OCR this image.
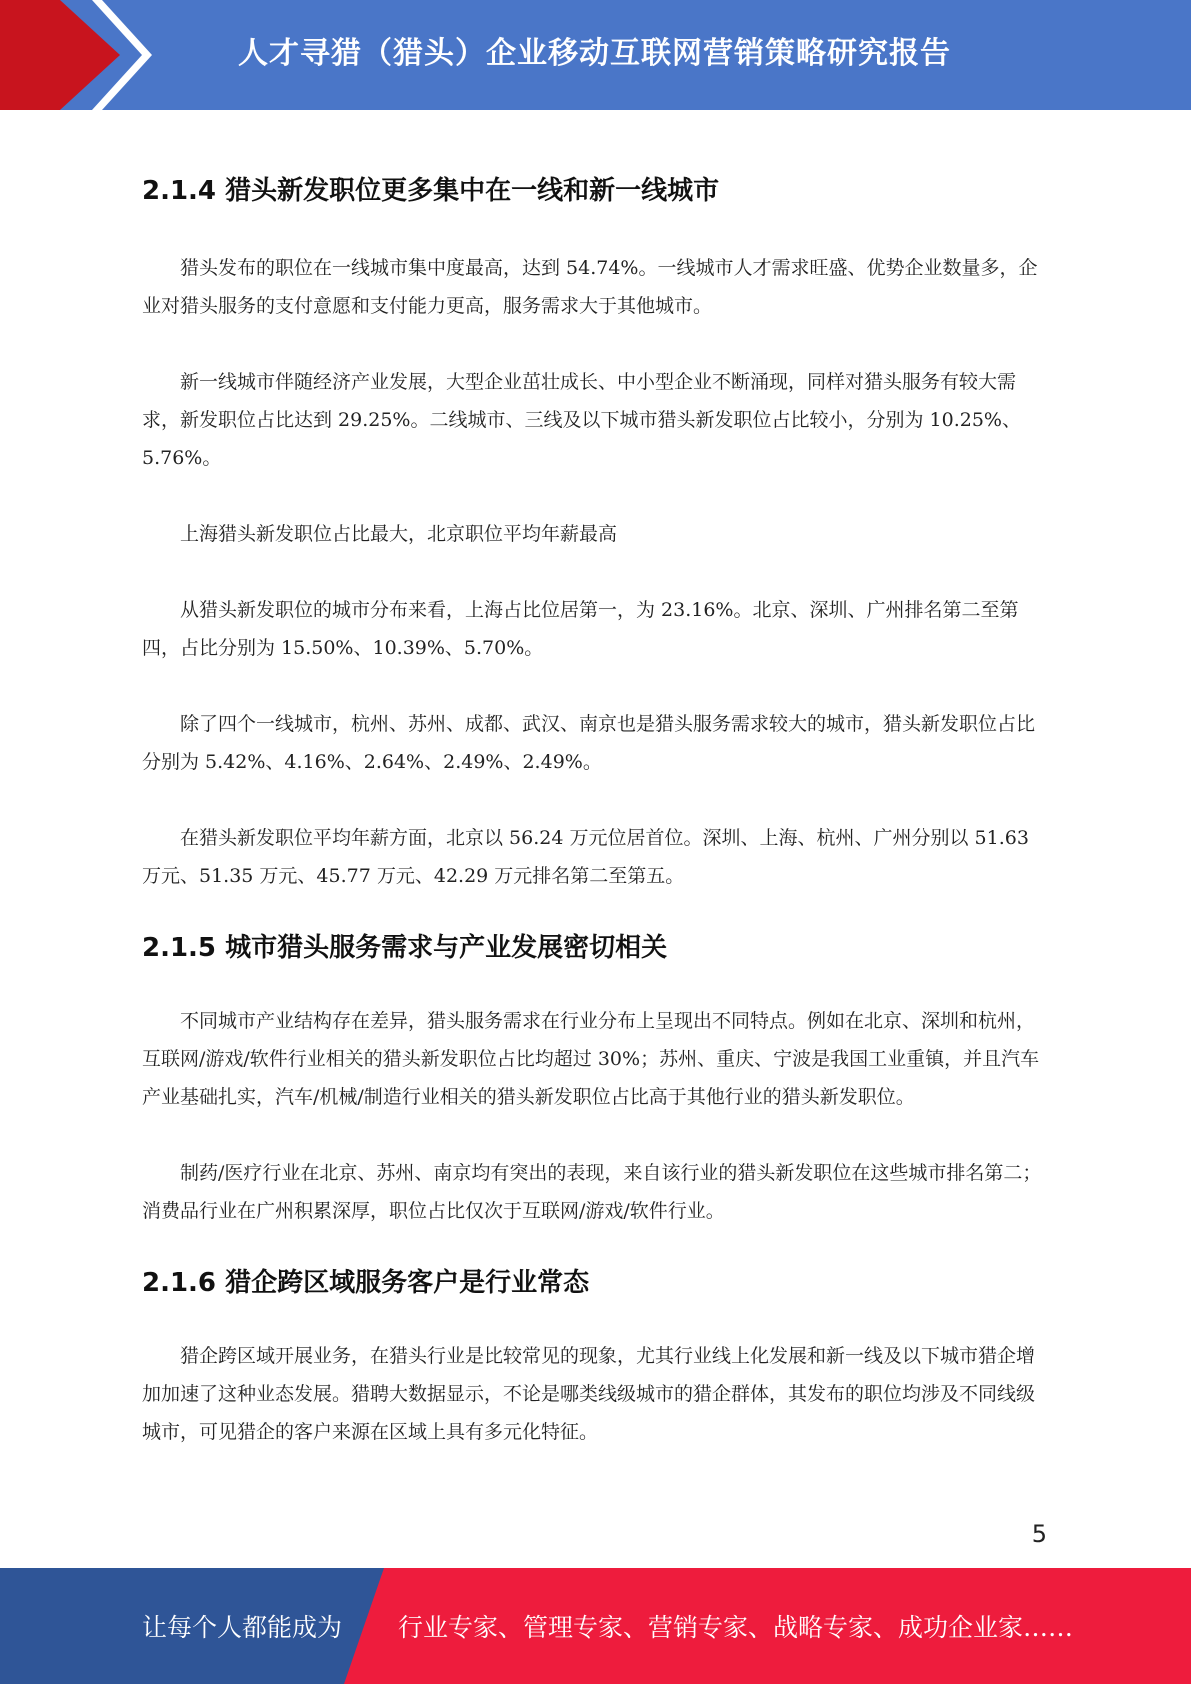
人才寻猎（猎头）企业移动互联网营销策略研究报告
2.1.4 猎头新发职位更多集中在一线和新一线城市

猎头发布的职位在一线城市集中度最高，达到 54.74%。一线城市人才需求旺盛、优势企业数量多，企业对猎头服务的支付意愿和支付能力更高，服务需求大于其他城市。

新一线城市伴随经济产业发展，大型企业茁壮成长、中小型企业不断涌现，同样对猎头服务有较大需求，新发职位占比达到 29.25%。二线城市、三线及以下城市猎头新发职位占比较小，分别为 10.25%、5.76%。

上海猎头新发职位占比最大，北京职位平均年薪最高

从猎头新发职位的城市分布来看，上海占比位居第一，为 23.16%。北京、深圳、广州排名第二至第四，占比分别为 15.50%、10.39%、5.70%。

除了四个一线城市，杭州、苏州、成都、武汉、南京也是猎头服务需求较大的城市，猎头新发职位占比分别为 5.42%、4.16%、2.64%、2.49%、2.49%。

在猎头新发职位平均年薪方面，北京以 56.24 万元位居首位。深圳、上海、杭州、广州分别以 51.63 万元、51.35 万元、45.77 万元、42.29 万元排名第二至第五。

2.1.5 城市猎头服务需求与产业发展密切相关

不同城市产业结构存在差异，猎头服务需求在行业分布上呈现出不同特点。例如在北京、深圳和杭州，互联网/游戏/软件行业相关的猎头新发职位占比均超过 30%；苏州、重庆、宁波是我国工业重镇，并且汽车产业基础扎实，汽车/机械/制造行业相关的猎头新发职位占比高于其他行业的猎头新发职位。

制药/医疗行业在北京、苏州、南京均有突出的表现，来自该行业的猎头新发职位在这些城市排名第二；消费品行业在广州积累深厚，职位占比仅次于互联网/游戏/软件行业。

2.1.6 猎企跨区域服务客户是行业常态

猎企跨区域开展业务，在猎头行业是比较常见的现象，尤其行业线上化发展和新一线及以下城市猎企增加加速了这种业态发展。猎聘大数据显示，不论是哪类线级城市的猎企群体，其发布的职位均涉及不同线级城市，可见猎企的客户来源在区域上具有多元化特征。

5
让每个人都能成为 行业专家、管理专家、营销专家、战略专家、成功企业家……
